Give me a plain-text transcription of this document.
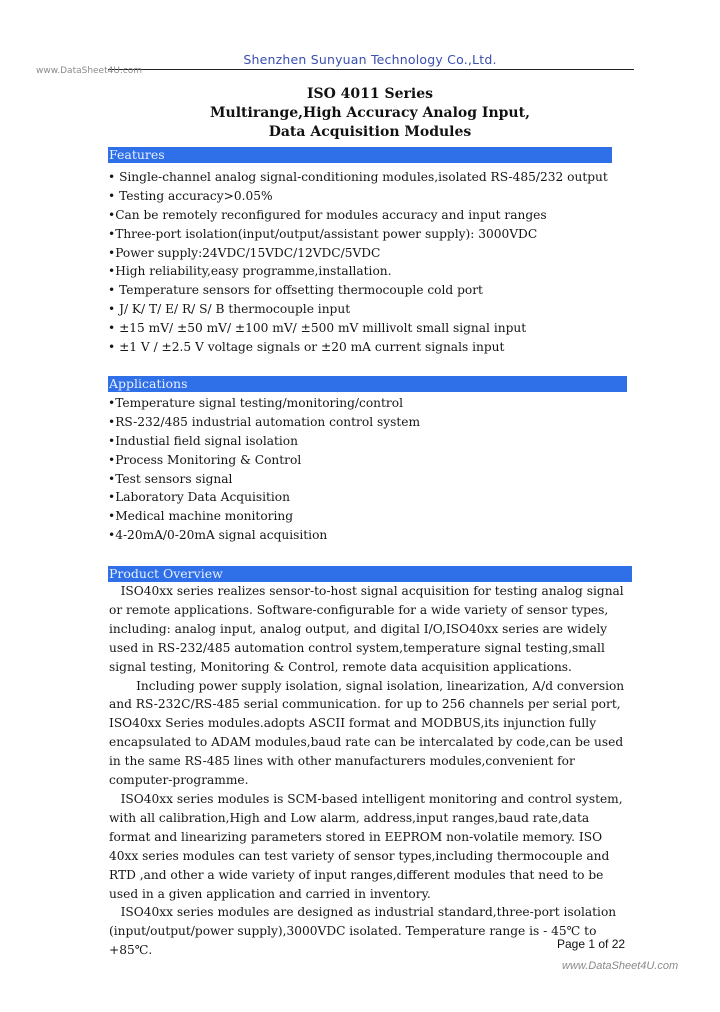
Shenzhen Sunyuan Technology Co.,Ltd.
www.DataSheet4U.com
ISO 4011 Series
Multirange,High Accuracy Analog Input,
Data Acquisition Modules
Features
• Single-channel analog signal-conditioning modules,isolated RS-485/232 output
• Testing accuracy>0.05%
•Can be remotely reconfigured for modules accuracy and input ranges
•Three-port isolation(input/output/assistant power supply): 3000VDC
•Power supply:24VDC/15VDC/12VDC/5VDC
•High reliability,easy programme,installation.
• Temperature sensors for offsetting thermocouple cold port
• J/ K/ T/ E/ R/ S/ B thermocouple input
• ±15 mV/ ±50 mV/ ±100 mV/ ±500 mV millivolt small signal input
• ±1 V / ±2.5 V voltage signals or ±20 mA current signals input
Applications
•Temperature signal testing/monitoring/control
•RS-232/485 industrial automation control system
•Industial field signal isolation
•Process Monitoring & Control
•Test sensors signal
•Laboratory Data Acquisition
•Medical machine monitoring
•4-20mA/0-20mA signal acquisition
Product Overview

ISO40xx series realizes sensor-to-host signal acquisition for testing analog signal or remote applications. Software-configurable for a wide variety of sensor types, including: analog input, analog output, and digital I/O,ISO40xx series are widely used in RS-232/485 automation control system,temperature signal testing,small signal testing, Monitoring & Control, remote data acquisition applications.

Including power supply isolation, signal isolation, linearization, A/d conversion and RS-232C/RS-485 serial communication. for up to 256 channels per serial port, ISO40xx Series modules.adopts ASCII format and MODBUS,its injunction fully encapsulated to ADAM modules,baud rate can be intercalated by code,can be used in the same RS-485 lines with other manufacturers modules,convenient for computer-programme.

ISO40xx series modules is SCM-based intelligent monitoring and control system, with all calibration,High and Low alarm, address,input ranges,baud rate,data format and linearizing parameters stored in EEPROM non-volatile memory. ISO 40xx series modules can test variety of sensor types,including thermocouple and RTD ,and other a wide variety of input ranges,different modules that need to be used in a given application and carried in inventory.

ISO40xx series modules are designed as industrial standard,three-port isolation (input/output/power supply),3000VDC isolated. Temperature range is - 45℃ to +85℃.	Page 1 of 22
www.DataSheet4U.com
